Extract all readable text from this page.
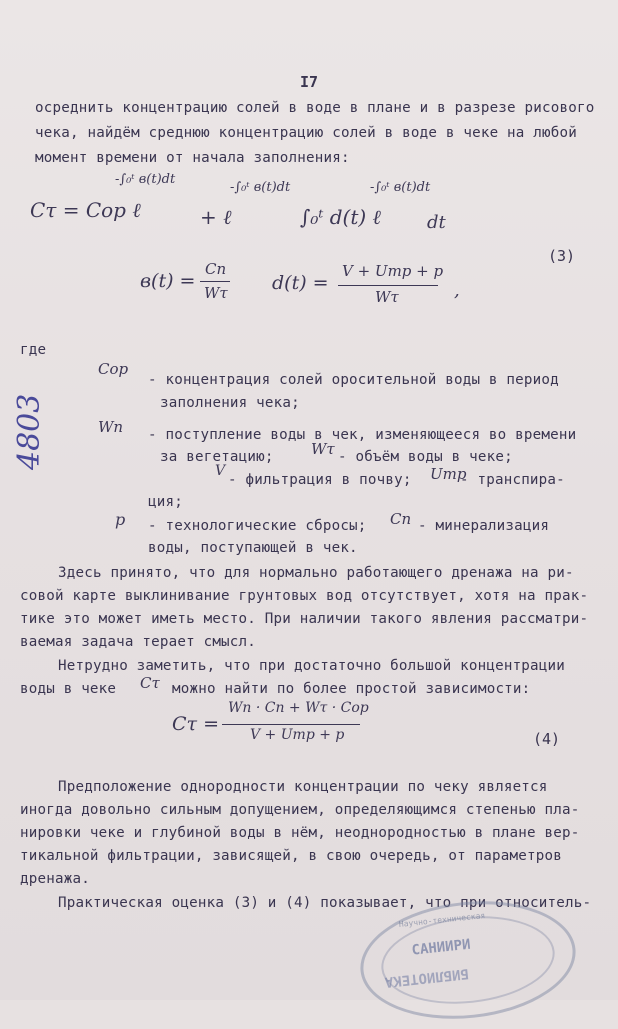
I7
осреднить концентрацию солей в воде в плане и в разрезе рисового
чека, найдём среднюю концентрацию солей в воде в чеке на любой
момент времени от начала заполнения:
Cτ = Cор ℓ
-∫₀ᵗ в(t)dt
+ ℓ
-∫₀ᵗ в(t)dt
∫₀ᵗ d(t) ℓ
-∫₀ᵗ в(t)dt
dt
(3)
в(t) =
Cп
Wτ d(t) =
V + Uтр + p
Wτ	,
где
Cор
- концентрация солей оросительной воды в период
заполнения чека;
Wп - поступление воды в чек, изменяющееся во времени
за вегетацию; Wτ - объём воды в чеке;
V
- фильтрация в почву; Uтр
- транспира-
ция;
p - технологические сбросы; Cп - минерализация
воды, поступающей в чек.
Здесь принято, что для нормально работающего дренажа на ри-
совой карте выклинивание грунтовых вод отсутствует, хотя на прак-
тике это может иметь место. При наличии такого явления рассматри-
ваемая задача терает смысл.
Нетрудно заметить, что при достаточно большой концентрации
воды в чеке Cτ можно найти по более простой зависимости:
Cτ =
Wп · Cп + Wτ · Cор
V + Uтр + p	(4)
Предположение однородности концентрации по чеку является
иногда довольно сильным допущением, определяющимся степенью пла-
нировки чеке и глубиной воды в нём, неоднородностью в плане вер-
тикальной фильтрации, зависящей, в свою очередь, от параметров
дренажа.
Практическая оценка (3) и (4) показывает, что при относитель-
4803
Научно-техническая
САНИИРИ
БИБЛИОТЕКА
